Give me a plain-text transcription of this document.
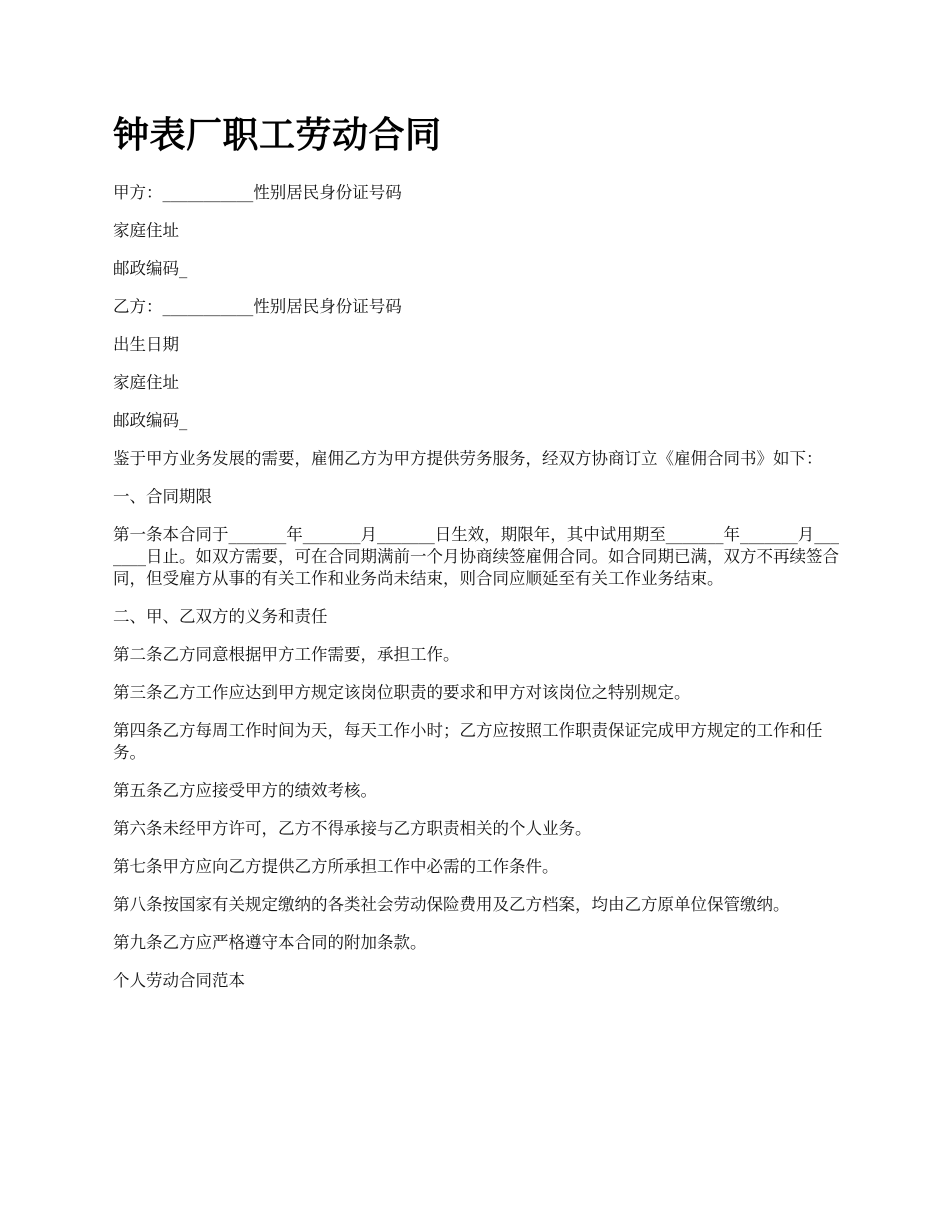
钟表厂职工劳动合同

甲方：___________性别居民身份证号码

家庭住址

邮政编码_

乙方：___________性别居民身份证号码

出生日期

家庭住址

邮政编码_

鉴于甲方业务发展的需要，雇佣乙方为甲方提供劳务服务，经双方协商订立《雇佣合同书》如下：

一、合同期限

第一条本合同于_______年_______月_______日生效，期限年，其中试用期至_______年_______月_______日止。如双方需要，可在合同期满前一个月协商续签雇佣合同。如合同期已满，双方不再续签合同，但受雇方从事的有关工作和业务尚未结束，则合同应顺延至有关工作业务结束。

二、甲、乙双方的义务和责任

第二条乙方同意根据甲方工作需要，承担工作。

第三条乙方工作应达到甲方规定该岗位职责的要求和甲方对该岗位之特别规定。

第四条乙方每周工作时间为天，每天工作小时；乙方应按照工作职责保证完成甲方规定的工作和任务。

第五条乙方应接受甲方的绩效考核。

第六条未经甲方许可，乙方不得承接与乙方职责相关的个人业务。

第七条甲方应向乙方提供乙方所承担工作中必需的工作条件。

第八条按国家有关规定缴纳的各类社会劳动保险费用及乙方档案，均由乙方原单位保管缴纳。

第九条乙方应严格遵守本合同的附加条款。

个人劳动合同范本
